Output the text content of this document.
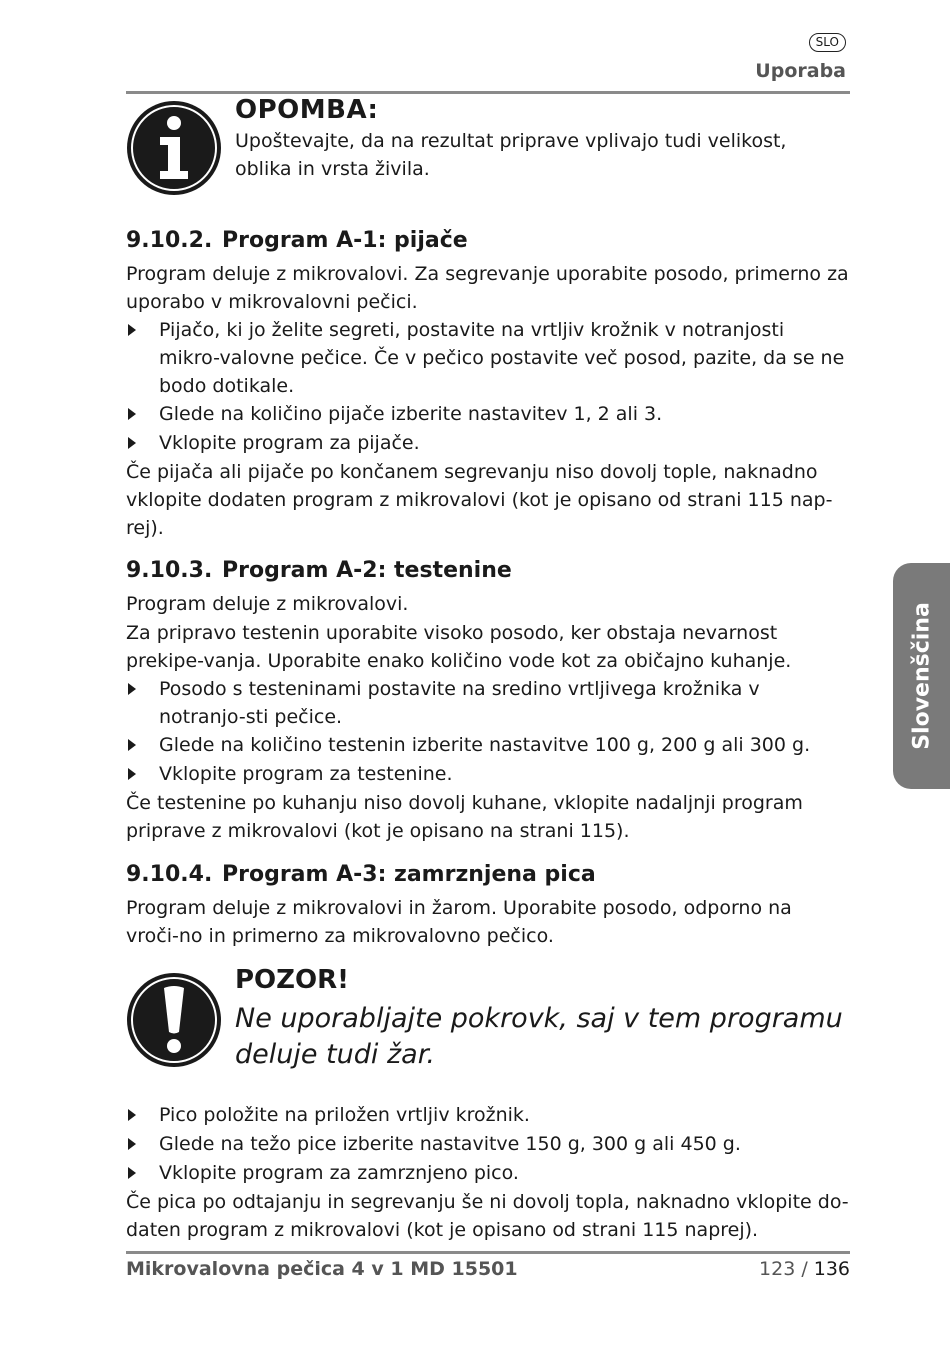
SLO
Uporaba
OPOMBA:
Upoštevajte, da na rezultat priprave vplivajo tudi velikost, oblika in vrsta živila.
9.10.2. Program A-1: pijače
Program deluje z mikrovalovi. Za segrevanje uporabite posodo, primerno za uporabo v mikrovalovni pečici.
Pijačo, ki jo želite segreti, postavite na vrtljiv krožnik v notranjosti mikro-valovne pečice. Če v pečico postavite več posod, pazite, da se ne bodo dotikale.
Glede na količino pijače izberite nastavitev 1, 2 ali 3.
Vklopite program za pijače.
Če pijača ali pijače po končanem segrevanju niso dovolj tople, naknadno vklopite dodaten program z mikrovalovi (kot je opisano od strani 115 nap-rej).
9.10.3. Program A-2: testenine
Program deluje z mikrovalovi.
Za pripravo testenin uporabite visoko posodo, ker obstaja nevarnost prekipe-vanja. Uporabite enako količino vode kot za običajno kuhanje.
Posodo s testeninami postavite na sredino vrtljivega krožnika v notranjo-sti pečice.
Glede na količino testenin izberite nastavitve 100 g, 200 g ali 300 g.
Vklopite program za testenine.
Če testenine po kuhanju niso dovolj kuhane, vklopite nadaljnji program priprave z mikrovalovi (kot je opisano na strani 115).
9.10.4. Program A-3: zamrznjena pica
Program deluje z mikrovalovi in žarom. Uporabite posodo, odporno na vroči-no in primerno za mikrovalovno pečico.
POZOR!
Ne uporabljajte pokrovk, saj v tem programu deluje tudi žar.
Pico položite na priložen vrtljiv krožnik.
Glede na težo pice izberite nastavitve 150 g, 300 g ali 450 g.
Vklopite program za zamrznjeno pico.
Če pica po odtajanju in segrevanju še ni dovolj topla, naknadno vklopite do-daten program z mikrovalovi (kot je opisano od strani 115 naprej).
Slovenščina
Mikrovalovna pečica 4 v 1 MD 15501	123 / 136
